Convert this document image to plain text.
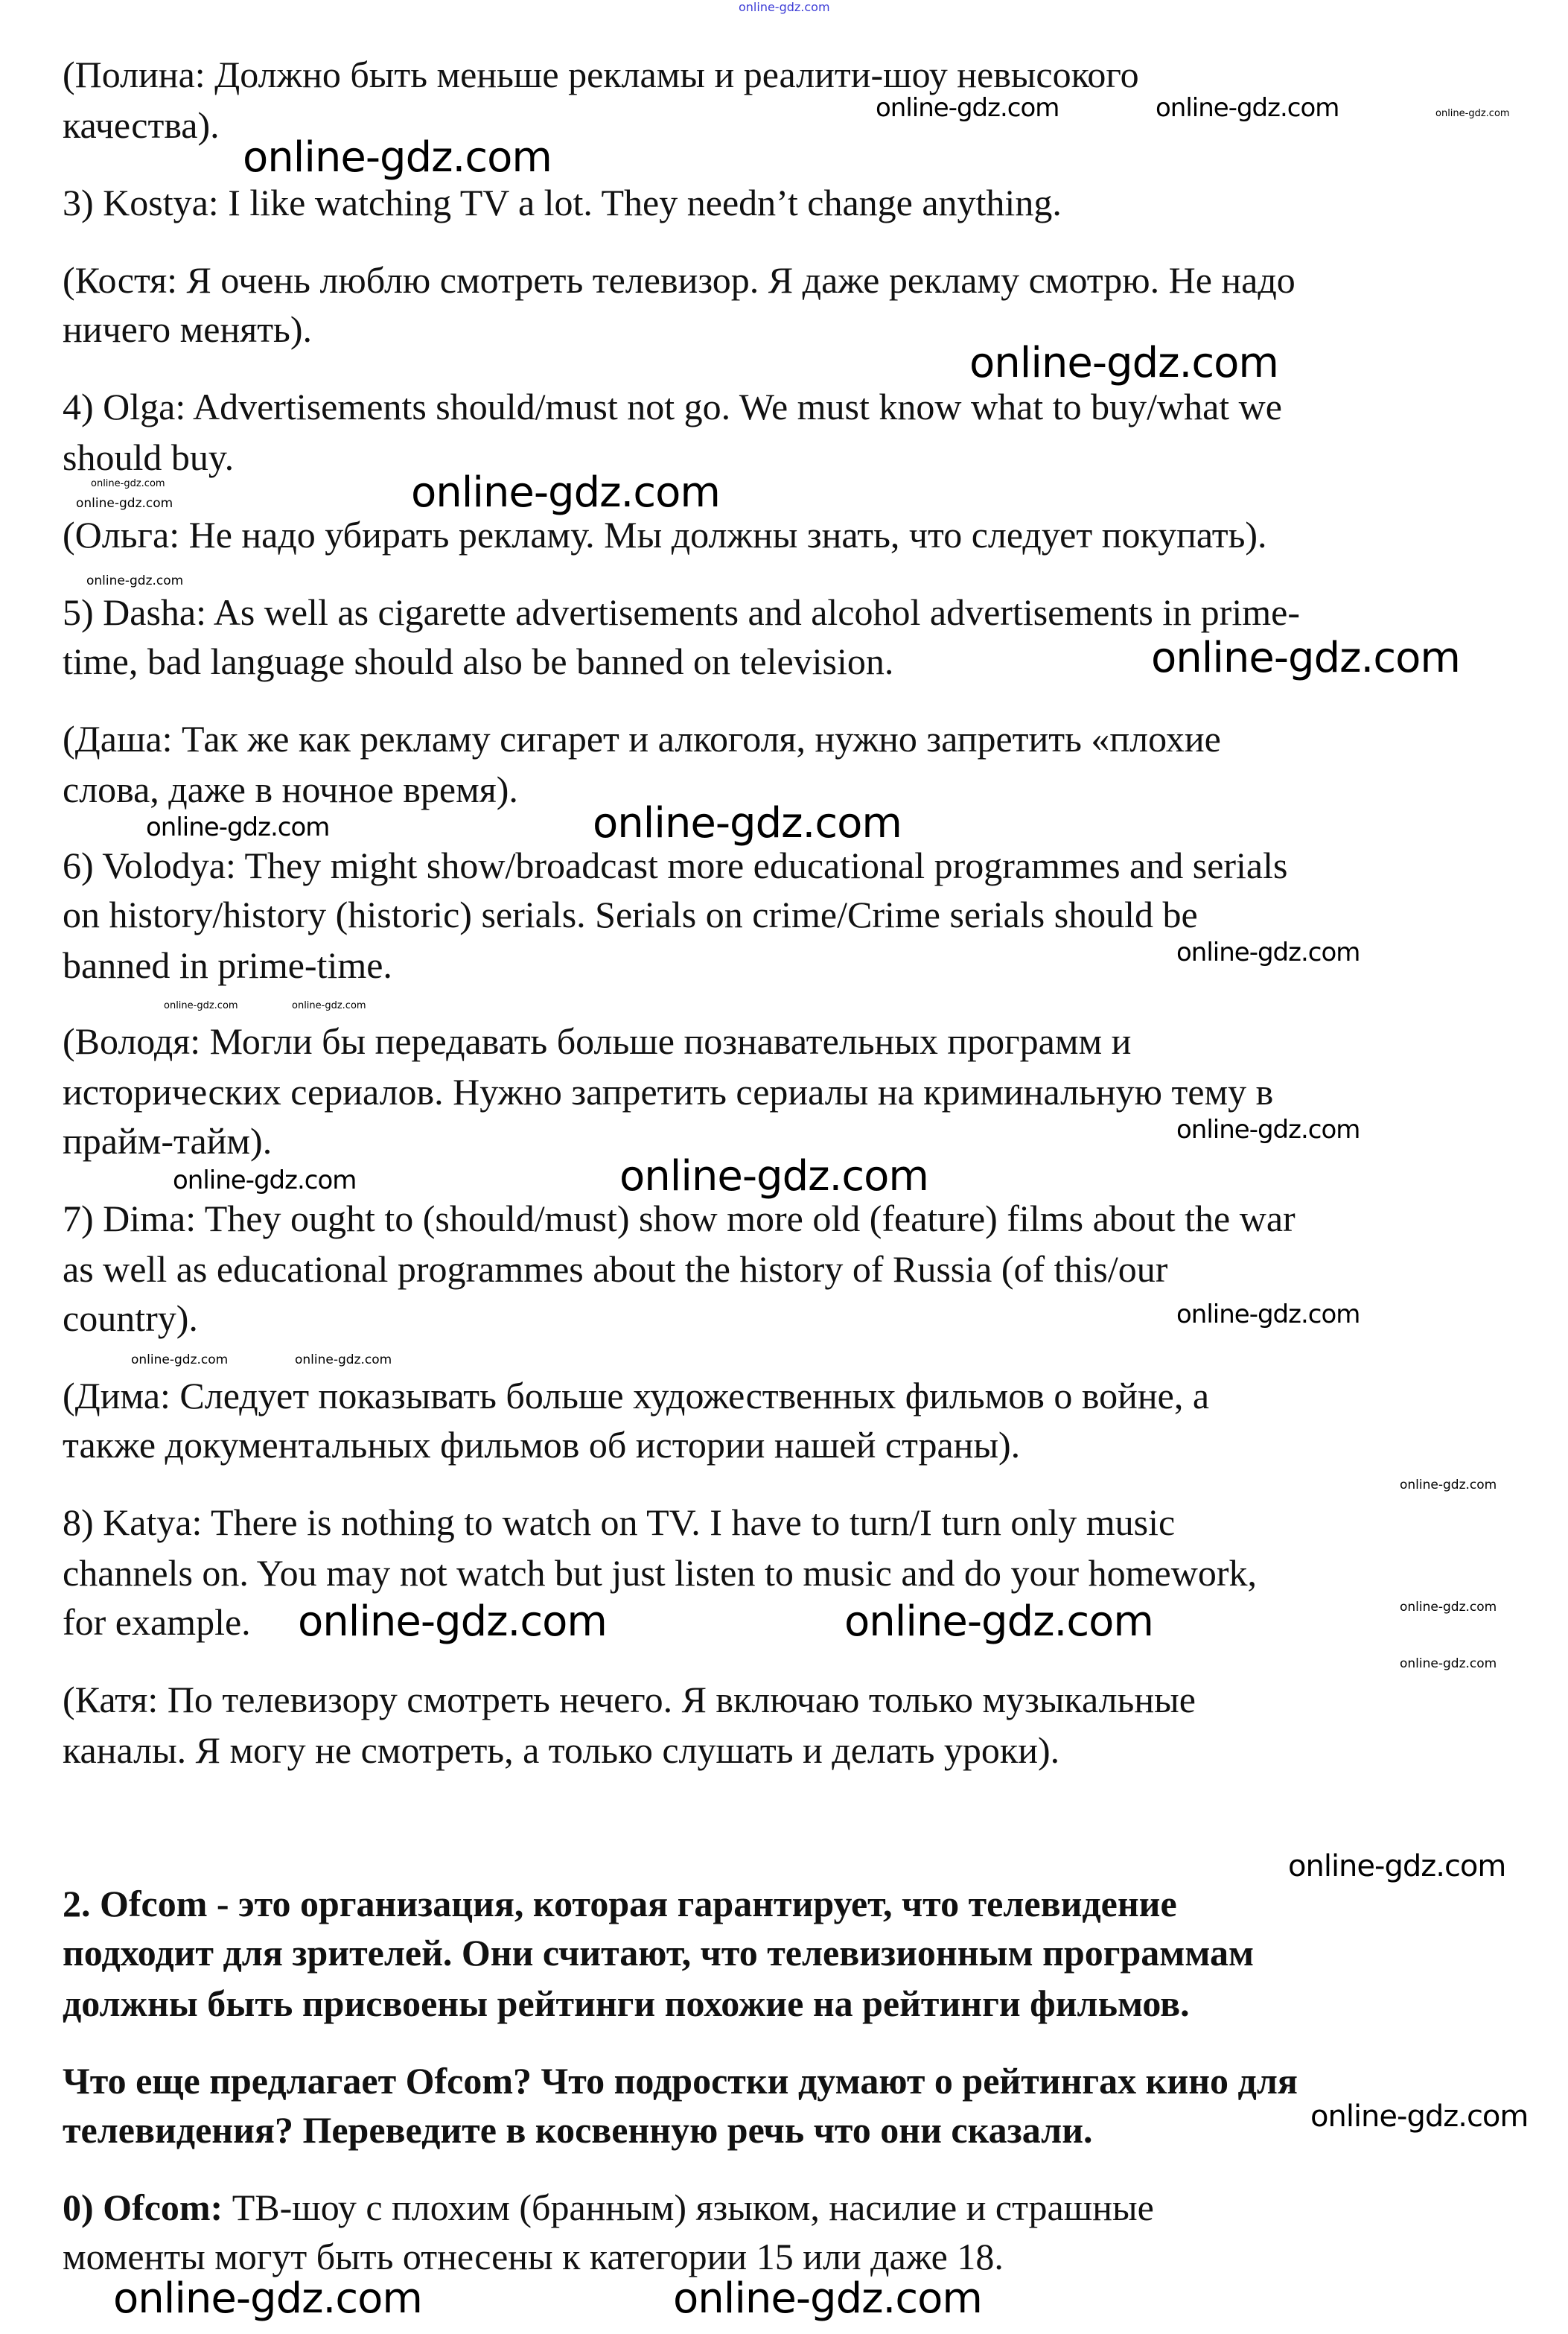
online-gdz.com
(Полина: Должно быть меньше рекламы и реалити-шоу невысокого
качества).
3) Kostya: I like watching TV a lot. They needn’t change anything.
(Костя: Я очень люблю смотреть телевизор. Я даже рекламу смотрю. Не надо
ничего менять).
4) Olga: Advertisements should/must not go. We must know what to buy/what we
should buy.
(Ольга: Не надо убирать рекламу. Мы должны знать, что следует покупать).
5) Dasha: As well as cigarette advertisements and alcohol advertisements in prime-
time, bad language should also be banned on television.
(Даша: Так же как рекламу сигарет и алкоголя, нужно запретить «плохие
слова, даже в ночное время).
6) Volodya: They might show/broadcast more educational programmes and serials
on history/history (historic) serials. Serials on crime/Crime serials should be
banned in prime-time.
(Володя: Могли бы передавать больше познавательных программ и
исторических сериалов. Нужно запретить сериалы на криминальную тему в
прайм-тайм).
7) Dima: They ought to (should/must) show more old (feature) films about the war
as well as educational programmes about the history of Russia (of this/our
country).
(Дима: Следует показывать больше художественных фильмов о войне, а
также документальных фильмов об истории нашей страны).
8) Katya: There is nothing to watch on TV. I have to turn/I turn only music
channels on. You may not watch but just listen to music and do your homework,
for example.
(Катя: По телевизору смотреть нечего. Я включаю только музыкальные
каналы. Я могу не смотреть, а только слушать и делать уроки).
2. Ofcom - это организация, которая гарантирует, что телевидение
подходит для зрителей. Они считают, что телевизионным программам
должны быть присвоены рейтинги похожие на рейтинги фильмов.
Что еще предлагает Ofcom? Что подростки думают о рейтингах кино для
телевидения? Переведите в косвенную речь что они сказали.
0) Ofcom: ТВ-шоу с плохим (бранным) языком, насилие и страшные
моменты могут быть отнесены к категории 15 или даже 18.
online-gdz.com	online-gdz.com	online-gdz.com
online-gdz.com
online-gdz.com
online-gdz.com	online-gdz.com
online-gdz.com
online-gdz.com
online-gdz.com
online-gdz.com	online-gdz.com
online-gdz.com
online-gdz.com	online-gdz.com
online-gdz.com
online-gdz.com	online-gdz.com
online-gdz.com
online-gdz.com	online-gdz.com
online-gdz.com
online-gdz.com	online-gdz.com	online-gdz.com
online-gdz.com
online-gdz.com
online-gdz.com	online-gdz.com
online-gdz.com
